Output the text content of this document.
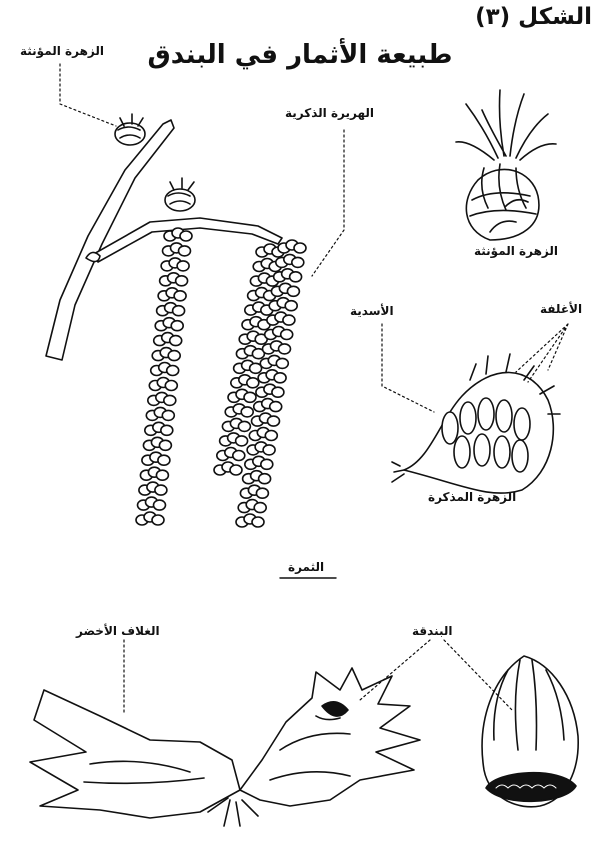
الشكل (٣)
طبيعة الأثمار في البندق
الزهرة المؤنثة
الهريرة الذكرية
الزهرة المؤنثة
الأسدية	الأغلفة
الزهرة المذكرة
الثمرة
الغلاف الأخضر	البندقة
